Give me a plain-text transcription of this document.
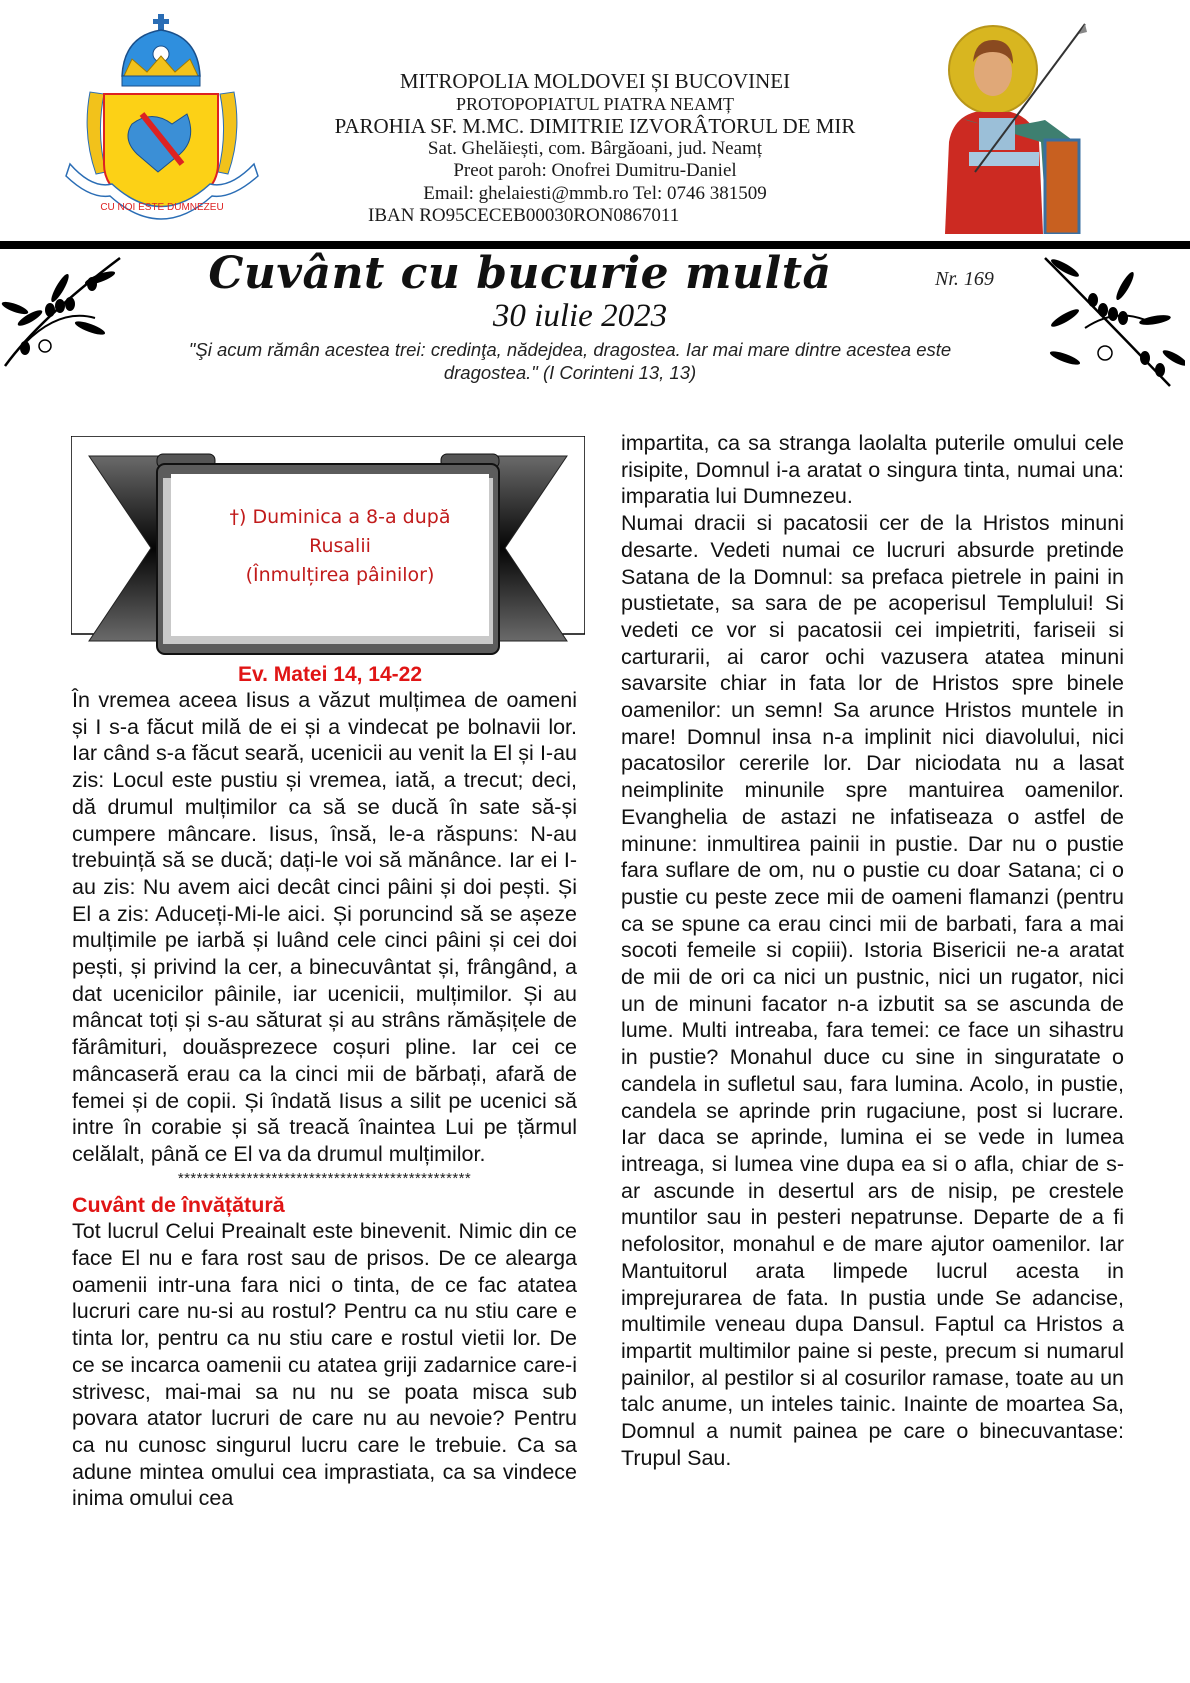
CU NOI ESTE DUMNEZEU
MITROPOLIA MOLDOVEI ȘI BUCOVINEI
PROTOPOPIATUL PIATRA NEAMȚ
PAROHIA SF. M.MC. DIMITRIE IZVORÂTORUL DE MIR
Sat. Ghelăiești, com. Bârgăoani, jud. Neamț
Preot paroh: Onofrei Dumitru-Daniel
Email: ghelaiesti@mmb.ro Tel: 0746 381509
IBAN RO95CECEB00030RON0867011
Cuvânt cu bucurie multă	Nr. 169
30 iulie 2023
"Şi acum rămân acestea trei: credinţa, nădejdea, dragostea. Iar mai mare dintre acestea este
dragostea." (I Corinteni 13, 13)
†) Duminica a 8-a după
Rusalii
(Înmulțirea pâinilor)
Ev. Matei 14, 14-22

În vremea aceea Iisus a văzut mulțimea de oameni și I s-a făcut milă de ei și a vindecat pe bolnavii lor. Iar când s-a făcut seară, ucenicii au venit la El și I-au zis: Locul este pustiu și vremea, iată, a trecut; deci, dă drumul mulțimilor ca să se ducă în sate să-și cumpere mâncare. Iisus, însă, le-a răspuns: N-au trebuință să se ducă; dați-le voi să mănânce. Iar ei I-au zis: Nu avem aici decât cinci pâini și doi pești. Și El a zis: Aduceți-Mi-le aici. Și poruncind să se așeze mulțimile pe iarbă și luând cele cinci pâini și cei doi pești, și privind la cer, a binecuvântat și, frângând, a dat ucenicilor pâinile, iar ucenicii, mulțimilor. Și au mâncat toți și s-au săturat și au strâns rămășițele de fărâmituri, douăsprezece coșuri pline. Iar cei ce mâncaseră erau ca la cinci mii de bărbați, afară de femei și de copii. Și îndată Iisus a silit pe ucenici să intre în corabie și să treacă înaintea Lui pe țărmul celălalt, până ce El va da drumul mulțimilor.

***********************************************

Cuvânt de învățătură

Tot lucrul Celui Preainalt este binevenit. Nimic din ce face El nu e fara rost sau de prisos. De ce alearga oamenii intr-una fara nici o tinta, de ce fac atatea lucruri care nu-si au rostul? Pentru ca nu stiu care e tinta lor, pentru ca nu stiu care e rostul vietii lor. De ce se incarca oamenii cu atatea griji zadarnice care-i strivesc, mai-mai sa nu nu se poata misca sub povara atator lucruri de care nu au nevoie? Pentru ca nu cunosc singurul lucru care le trebuie. Ca sa adune mintea omului cea imprastiata, ca sa vindece inima omului cea

impartita, ca sa stranga laolalta puterile omului cele risipite, Domnul i-a aratat o singura tinta, numai una: imparatia lui Dumnezeu.

Numai dracii si pacatosii cer de la Hristos minuni desarte. Vedeti numai ce lucruri absurde pretinde Satana de la Domnul: sa prefaca pietrele in paini in pustietate, sa sara de pe acoperisul Templului! Si vedeti ce vor si pacatosii cei impietriti, fariseii si carturarii, ai caror ochi vazusera atatea minuni savarsite chiar in fata lor de Hristos spre binele oamenilor: un semn! Sa arunce Hristos muntele in mare! Domnul insa n-a implinit nici diavolului, nici pacatosilor cererile lor. Dar niciodata nu a lasat neimplinite minunile spre mantuirea oamenilor. Evanghelia de astazi ne infatiseaza o astfel de minune: inmultirea painii in pustie. Dar nu o pustie fara suflare de om, nu o pustie cu doar Satana; ci o pustie cu peste zece mii de oameni flamanzi (pentru ca se spune ca erau cinci mii de barbati, fara a mai socoti femeile si copiii). Istoria Bisericii ne-a aratat de mii de ori ca nici un pustnic, nici un rugator, nici un de minuni facator n-a izbutit sa se ascunda de lume. Multi intreaba, fara temei: ce face un sihastru in pustie? Monahul duce cu sine in singuratate o candela in sufletul sau, fara lumina. Acolo, in pustie, candela se aprinde prin rugaciune, post si lucrare. Iar daca se aprinde, lumina ei se vede in lumea intreaga, si lumea vine dupa ea si o afla, chiar de s-ar ascunde in desertul ars de nisip, pe crestele muntilor sau in pesteri nepatrunse. Departe de a fi nefolositor, monahul e de mare ajutor oamenilor. Iar Mantuitorul arata limpede lucrul acesta in imprejurarea de fata. In pustia unde Se adancise, multimile veneau dupa Dansul. Faptul ca Hristos a impartit multimilor paine si peste, precum si numarul painilor, al pestilor si al cosurilor ramase, toate au un talc anume, un inteles tainic. Inainte de moartea Sa, Domnul a numit painea pe care o binecuvantase: Trupul Sau.
